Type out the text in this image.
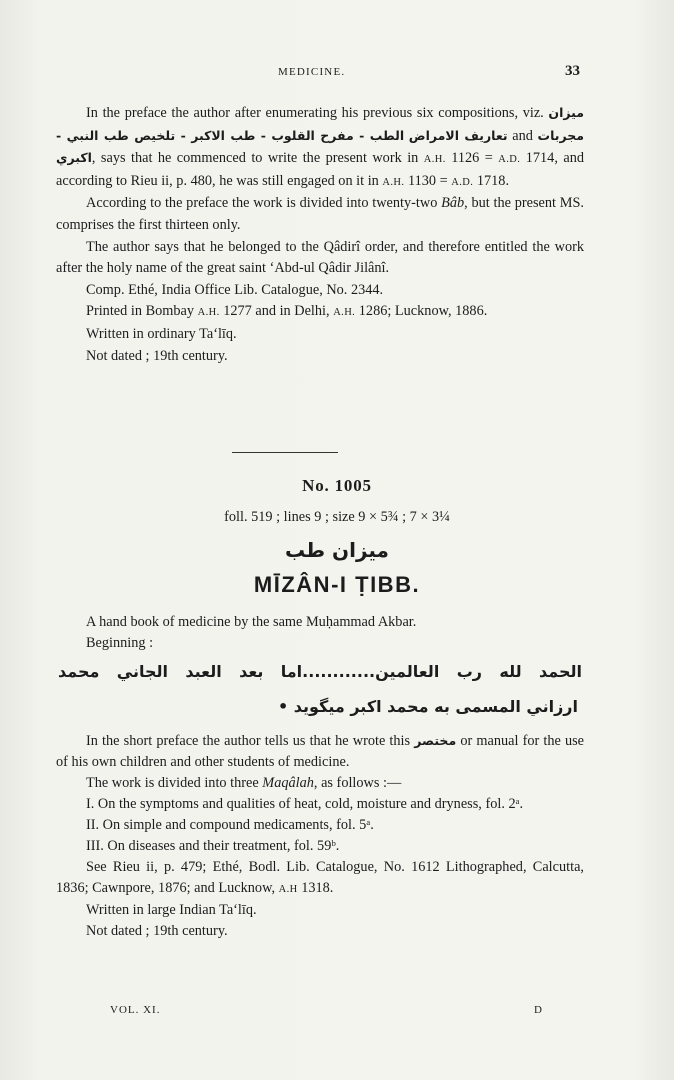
MEDICINE.	33

In the preface the author after enumerating his previous six compositions, viz. ميزان الطب - مفرح القلوب - طب الاكبر - تلخيص طب النبي - تعاريف الامراض and مجربات اكبري, says that he commenced to write the present work in A.H. 1126 = A.D. 1714, and according to Rieu ii, p. 480, he was still engaged on it in A.H. 1130 = A.D. 1718.

According to the preface the work is divided into twenty-two Bâb, but the present MS. comprises the first thirteen only.

The author says that he belonged to the Qâdirî order, and therefore entitled the work after the holy name of the great saint ‘Abd-ul Qâdir Jilânî.

Comp. Ethé, India Office Lib. Catalogue, No. 2344.

Printed in Bombay A.H. 1277 and in Delhi, A.H. 1286; Lucknow, 1886.

Written in ordinary Ta‘līq.

Not dated ; 19th century.

No. 1005
foll. 519 ; lines 9 ; size 9 × 5¾ ; 7 × 3¼
ميزان طب
MĪZÂN-I ṬIBB.

A hand book of medicine by the same Muḥammad Akbar.

Beginning :

الحمد لله رب العالمين............اما بعد العبد الجاني محمد
ارزاني المسمى به محمد اكبر ميگويد •

In the short preface the author tells us that he wrote this مختصر or manual for the use of his own children and other students of medicine.

The work is divided into three Maqâlah, as follows :—

I. On the symptoms and qualities of heat, cold, moisture and dryness, fol. 2ᵃ.

II. On simple and compound medicaments, fol. 5ᵃ.

III. On diseases and their treatment, fol. 59ᵇ.

See Rieu ii, p. 479; Ethé, Bodl. Lib. Catalogue, No. 1612 Lithographed, Calcutta, 1836; Cawnpore, 1876; and Lucknow, A.H 1318.

Written in large Indian Ta‘līq.

Not dated ; 19th century.

VOL. XI.	D
